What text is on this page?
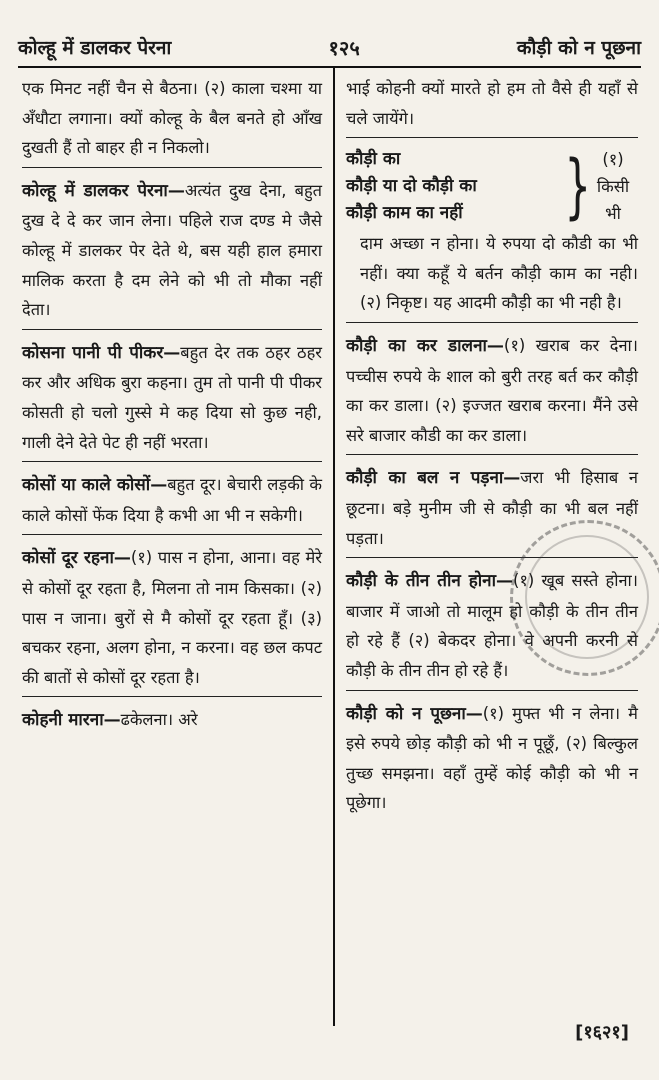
कोल्हू में डालकर पेरना	१२५	कौड़ी को न पूछना
एक मिनट नहीं चैन से बैठना। (२) काला चश्मा या अँधौटा लगाना। क्यों कोल्हू के बैल बनते हो आँख दुखती हैं तो बाहर ही न निकलो।
कोल्हू में डालकर पेरना—अत्यंत दुख देना, बहुत दुख दे दे कर जान लेना। पहिले राज दण्ड मे जैसे कोल्हू में डालकर पेर देते थे, बस यही हाल हमारा मालिक करता है दम लेने को भी तो मौका नहीं देता।
कोसना पानी पी पीकर—बहुत देर तक ठहर ठहर कर और अधिक बुरा कहना। तुम तो पानी पी पीकर कोसती हो चलो गुस्से मे कह दिया सो कुछ नही, गाली देने देते पेट ही नहीं भरता।
कोसों या काले कोसों—बहुत दूर। बेचारी लड़की के काले कोसों फेंक दिया है कभी आ भी न सकेगी।
कोसों दूर रहना—(१) पास न होना, आना। वह मेरे से कोसों दूर रहता है, मिलना तो नाम किसका। (२) पास न जाना। बुरों से मै कोसों दूर रहता हूँ। (३) बचकर रहना, अलग होना, न करना। वह छल कपट की बातों से कोसों दूर रहता है।
कोहनी मारना—ढकेलना। अरे
भाई कोहनी क्यों मारते हो हम तो वैसे ही यहाँ से चले जायेंगे।
कौड़ी का
कौड़ी या दो कौड़ी का
कौड़ी काम का नहीं	} (१) किसी भी
दाम अच्छा न होना। ये रुपया दो कौडी का भी नहीं। क्या कहूँ ये बर्तन कौड़ी काम का नही। (२) निकृष्ट। यह आदमी कौड़ी का भी नही है।
कौड़ी का कर डालना—(१) खराब कर देना। पच्चीस रुपये के शाल को बुरी तरह बर्त कर कौड़ी का कर डाला। (२) इज्जत खराब करना। मैंने उसे सरे बाजार कौडी का कर डाला।
कौड़ी का बल न पड़ना—जरा भी हिसाब न छूटना। बड़े मुनीम जी से कौड़ी का भी बल नहीं पड़ता।
कौड़ी के तीन तीन होना—(१) खूब सस्ते होना। बाजार में जाओ तो मालूम हो कौड़ी के तीन तीन हो रहे हैं (२) बेकदर होना। वे अपनी करनी से कौड़ी के तीन तीन हो रहे हैं।
कौड़ी को न पूछना—(१) मुफ्त भी न लेना। मै इसे रुपये छोड़ कौड़ी को भी न पूछूँ, (२) बिल्कुल तुच्छ समझना। वहाँ तुम्हें कोई कौड़ी को भी न पूछेगा।
[१६२१]
